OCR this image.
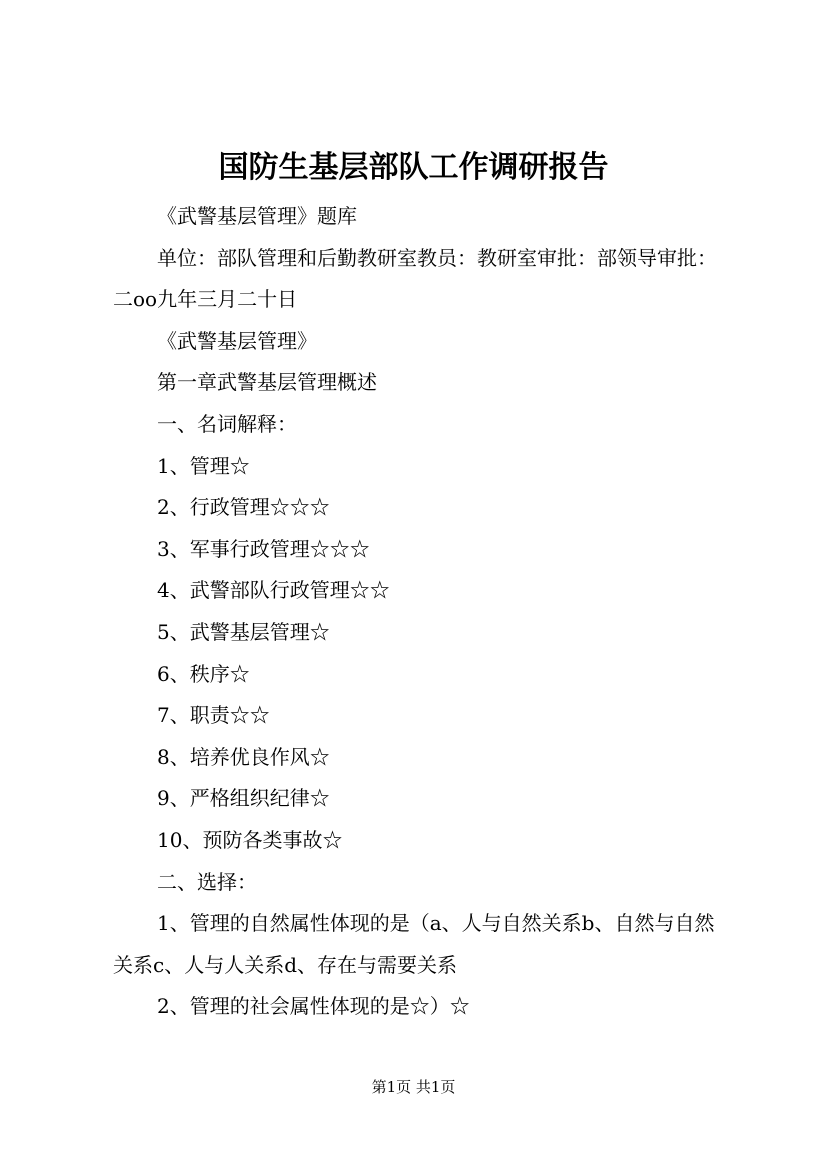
国防生基层部队工作调研报告

《武警基层管理》题库

单位：部队管理和后勤教研室教员：教研室审批：部领导审批：二oo九年三月二十日

《武警基层管理》

第一章武警基层管理概述

一、名词解释：

1、管理☆

2、行政管理☆☆☆

3、军事行政管理☆☆☆

4、武警部队行政管理☆☆

5、武警基层管理☆

6、秩序☆

7、职责☆☆

8、培养优良作风☆

9、严格组织纪律☆

10、预防各类事故☆

二、选择：

1、管理的自然属性体现的是（a、人与自然关系b、自然与自然关系c、人与人关系d、存在与需要关系

2、管理的社会属性体现的是☆）☆

第1页 共1页
